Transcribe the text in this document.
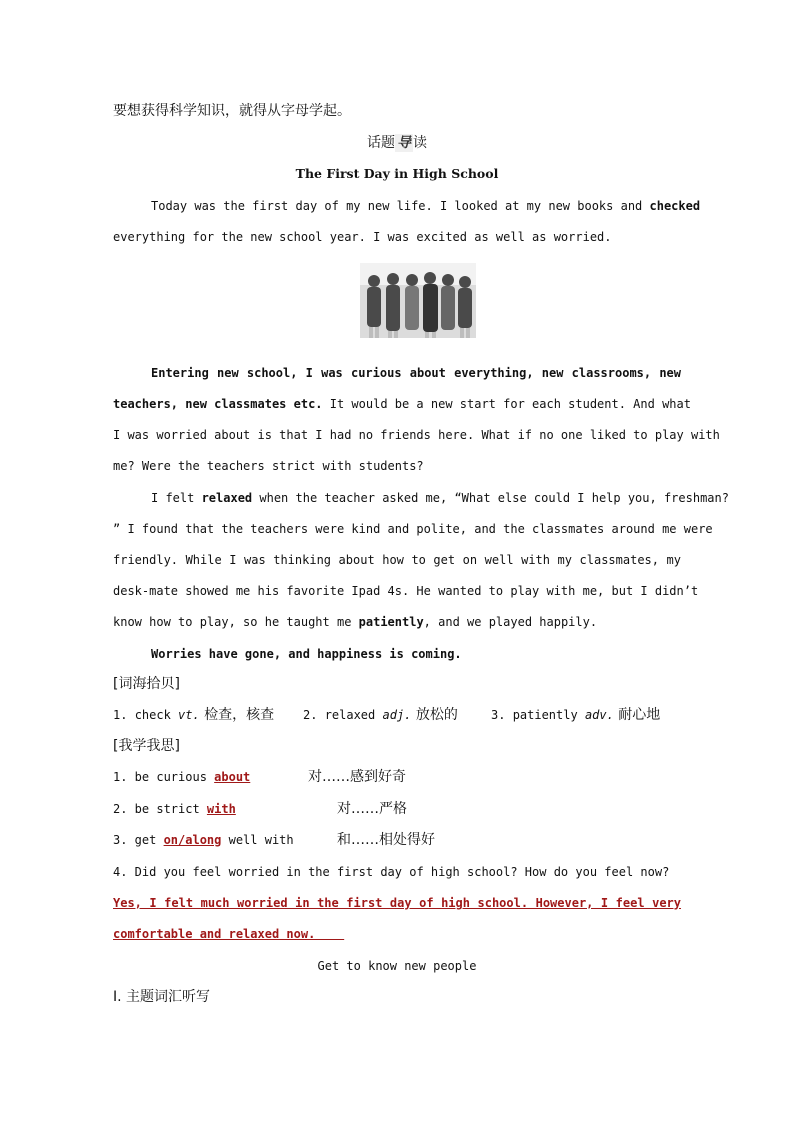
要想获得科学知识，就得从字母学起。
话题 导 读
The First Day in High School
Today was the first day of my new life. I looked at my new books and checked
everything for the new school year. I was excited as well as worried.
Entering new school, I was curious about everything, new classrooms, new
teachers, new classmates etc. It would be a new start for each student. And what
I was worried about is that I had no friends here. What if no one liked to play with
me? Were the teachers strict with students?
I felt relaxed when the teacher asked me, “What else could I help you, freshman?
” I found that the teachers were kind and polite, and the classmates around me were
friendly. While I was thinking about how to get on well with my classmates, my
desk-mate showed me his favorite Ipad 4s. He wanted to play with me, but I didn’t
know how to play, so he taught me patiently, and we played happily.
Worries have gone, and happiness is coming.
[词海拾贝]
1. check vt. 检查，核查 2. relaxed adj. 放松的	3. patiently adv. 耐心地
[我学我思]
1. be curious about	对……感到好奇
2. be strict with	对……严格
3. get on/along well with	和……相处得好
4. Did you feel worried in the first day of high school? How do you feel now?
Yes, I felt much worried in the first day of high school. However, I feel very
comfortable and relaxed now.
Get to know new people
Ⅰ. 主题词汇听写
